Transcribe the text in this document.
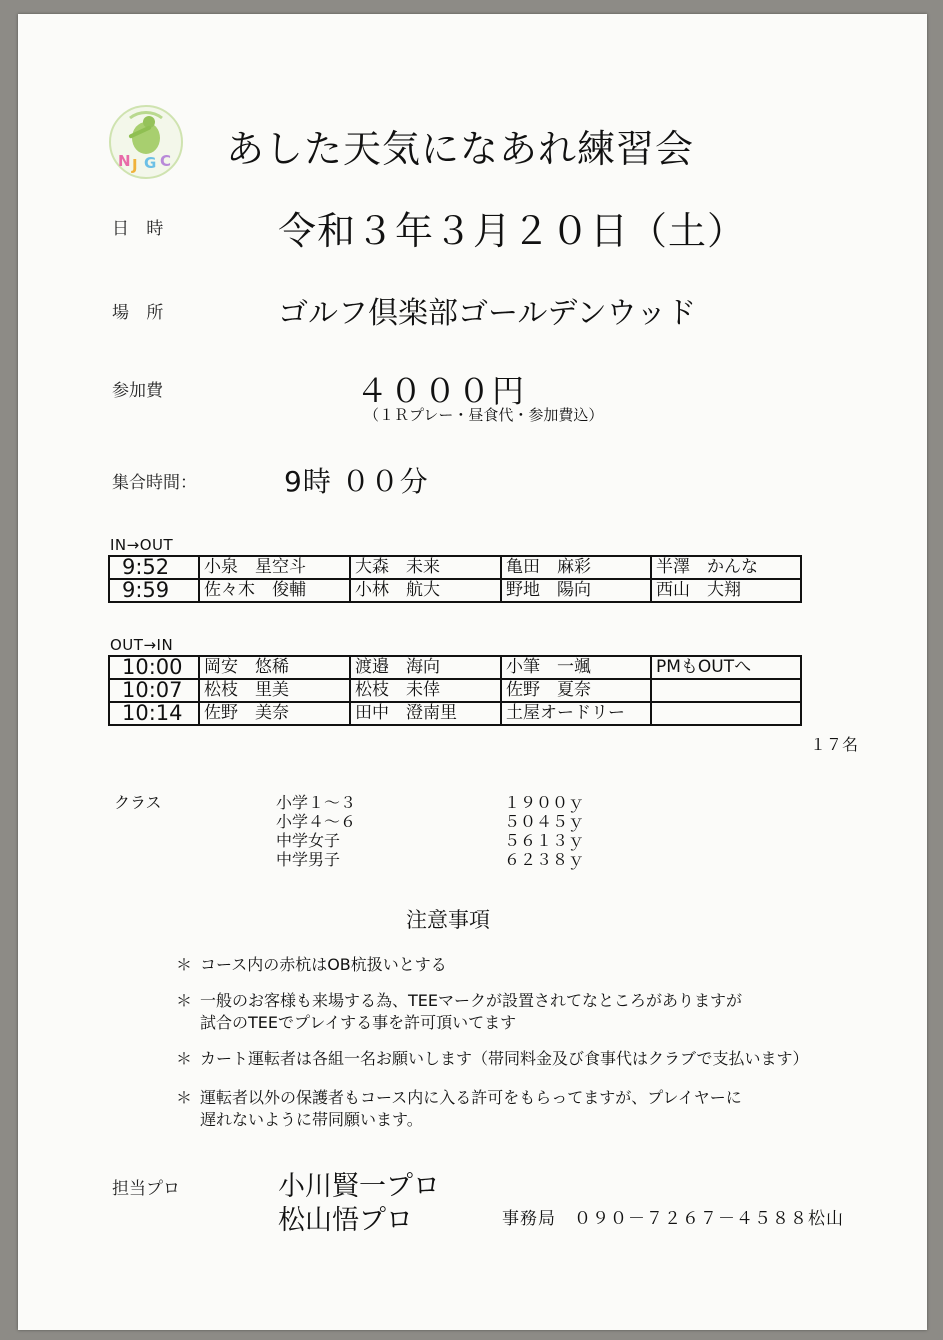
N J G C あした天気になあれ練習会
日 時	令和３年３月２０日（土）
場 所	ゴルフ倶楽部ゴールデンウッド
参加費	４０００円
（１Ｒプレー・昼食代・参加費込）
集合時間：	9時 ００分
IN→OUT
9:52	小泉　星空斗	大森　未来	亀田　麻彩	半澤　かんな
9:59	佐々木　俊輔	小林　航大	野地　陽向	西山　大翔
OUT→IN
10:00	岡安　悠稀	渡邉　海向	小筆　一颯	PMもOUTへ
10:07	松枝　里美	松枝　未倖	佐野　夏奈	
10:14	佐野　美奈	田中　澄南里	土屋オードリー	
１７名
クラス	小学１～３	１９００ｙ
小学４～６	５０４５ｙ
中学女子	５６１３ｙ
中学男子	６２３８ｙ
注意事項
＊ コース内の赤杭はOB杭扱いとする
＊ 一般のお客様も来場する為、TEEマークが設置されてなところがありますが
試合のTEEでプレイする事を許可頂いてます
＊ カート運転者は各組一名お願いします（帯同料金及び食事代はクラブで支払います）
＊ 運転者以外の保護者もコース内に入る許可をもらってますが、プレイヤーに
遅れないように帯同願います。
担当プロ	小川賢一プロ
松山悟プロ	事務局　０９０－７２６７－４５８８松山
